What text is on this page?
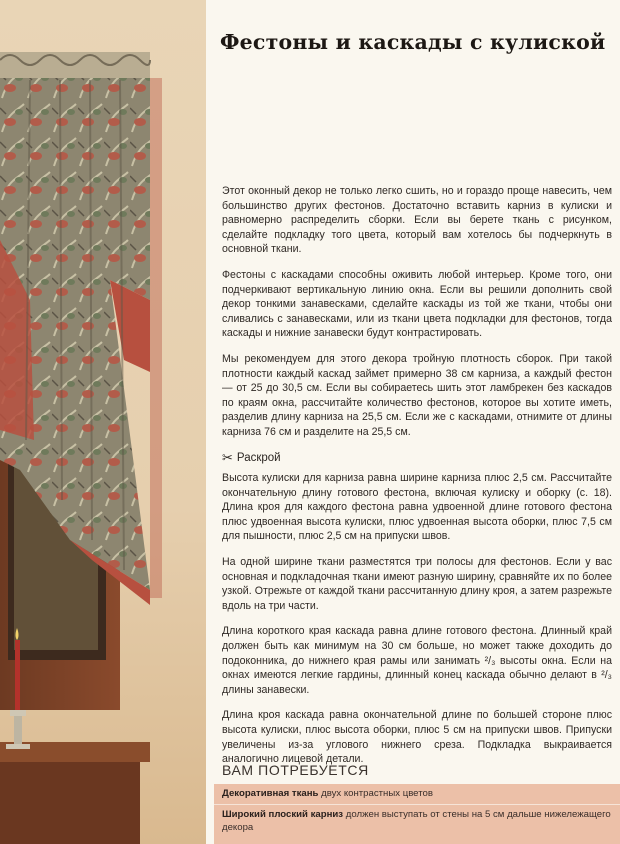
Фестоны и каскады с кулиской

Этот оконный декор не только легко сшить, но и гораздо проще навесить, чем большинство других фестонов. Достаточно вставить карниз в кулиски и равномерно распределить сборки. Если вы берете ткань с рисунком, сделайте подкладку того цвета, который вам хотелось бы подчеркнуть в основной ткани.

Фестоны с каскадами способны оживить любой интерьер. Кроме того, они подчеркивают вертикальную линию окна. Если вы решили дополнить свой декор тонкими занавесками, сделайте каскады из той же ткани, чтобы они сливались с занавесками, или из ткани цвета подкладки для фестонов, тогда каскады и нижние занавески будут контрастировать.

Мы рекомендуем для этого декора тройную плотность сборок. При такой плотности каждый каскад займет примерно 38 см карниза, а каждый фестон — от 25 до 30,5 см. Если вы собираетесь шить этот ламбрекен без каскадов по краям окна, рассчитайте количество фестонов, которое вы хотите иметь, разделив длину карниза на 25,5 см. Если же с каскадами, отнимите от длины карниза 76 см и разделите на 25,5 см.

✂ Раскрой

Высота кулиски для карниза равна ширине карниза плюс 2,5 см. Рассчитайте окончательную длину готового фестона, включая кулиску и оборку (с. 18). Длина кроя для каждого фестона равна удвоенной длине готового фестона плюс удвоенная высота кулиски, плюс удвоенная высота оборки, плюс 7,5 см для пышности, плюс 2,5 см на припуски швов.

На одной ширине ткани разместятся три полосы для фестонов. Если у вас основная и подкладочная ткани имеют разную ширину, сравняйте их по более узкой. Отрежьте от каждой ткани рассчитанную длину кроя, а затем разрежьте вдоль на три части.

Длина короткого края каскада равна длине готового фестона. Длинный край должен быть как минимум на 30 см больше, но может также доходить до подоконника, до нижнего края рамы или занимать ²/₃ высоты окна. Если на окнах имеются легкие гардины, длинный конец каскада обычно делают в ²/₃ длины занавески.

Длина кроя каскада равна окончательной длине по большей стороне плюс высота кулиски, плюс высота оборки, плюс 5 см на припуски швов. Припуски увеличены из-за углового нижнего среза. Подкладка выкраивается аналогично лицевой детали.

ВАМ ПОТРЕБУЕТСЯ
Декоративная ткань двух контрастных цветов
Широкий плоский карниз должен выступать от стены на 5 см дальше нижележащего декора
